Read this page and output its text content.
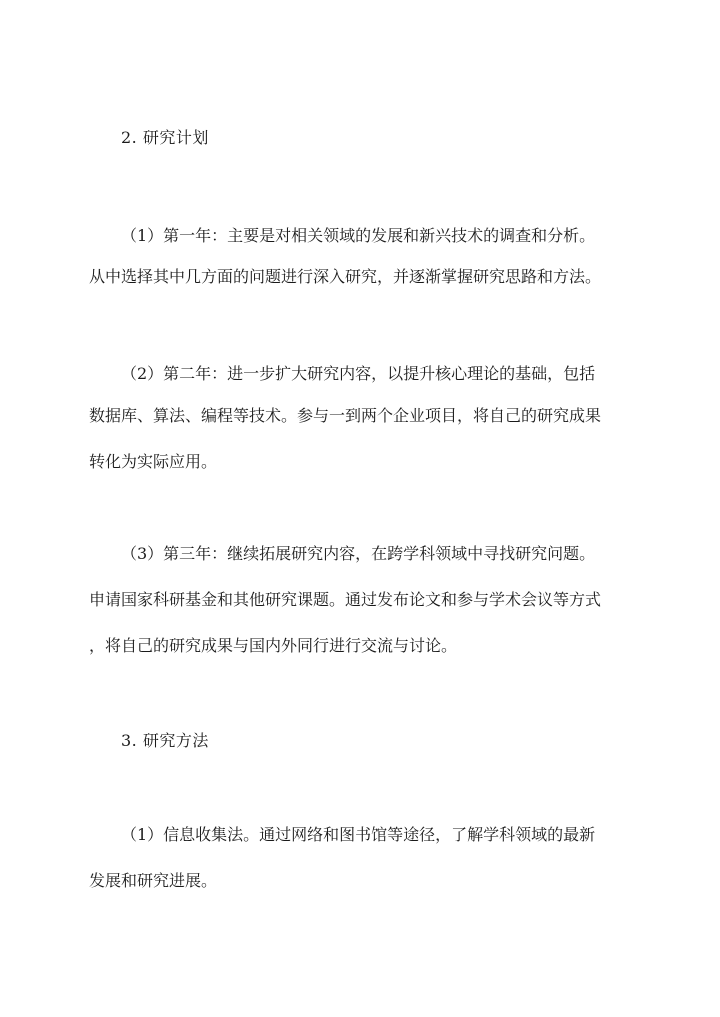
2. 研究计划
（1）第一年：主要是对相关领域的发展和新兴技术的调查和分析。
从中选择其中几方面的问题进行深入研究，并逐渐掌握研究思路和方法。
（2）第二年：进一步扩大研究内容，以提升核心理论的基础，包括
数据库、算法、编程等技术。参与一到两个企业项目，将自己的研究成果
转化为实际应用。
（3）第三年：继续拓展研究内容，在跨学科领域中寻找研究问题。
申请国家科研基金和其他研究课题。通过发布论文和参与学术会议等方式
，将自己的研究成果与国内外同行进行交流与讨论。
3. 研究方法
（1）信息收集法。通过网络和图书馆等途径，了解学科领域的最新
发展和研究进展。
